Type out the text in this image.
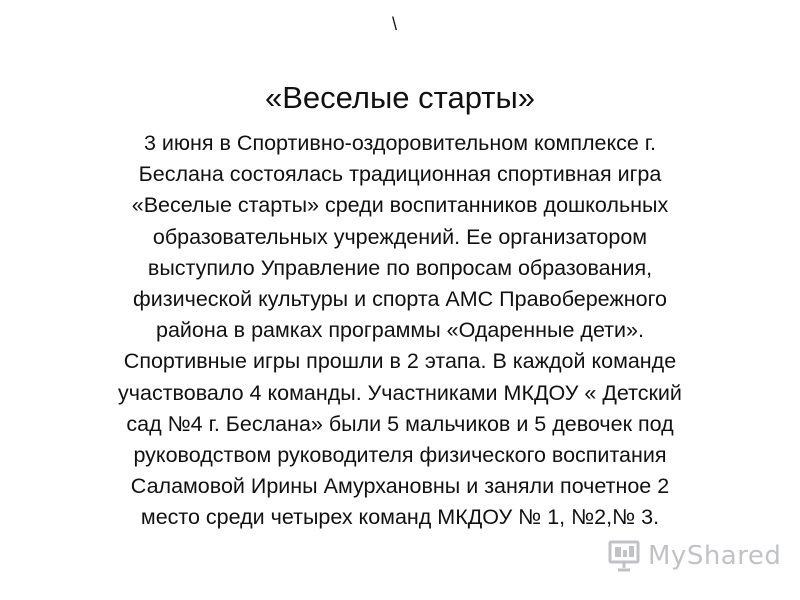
\
«Веселые старты»
3 июня в Спортивно-оздоровительном комплексе г.
Беслана состоялась традиционная спортивная игра
«Веселые старты» среди воспитанников дошкольных
образовательных учреждений. Ее организатором
выступило Управление по вопросам образования,
физической культуры и спорта АМС Правобережного
района в рамках программы «Одаренные дети».
Спортивные игры прошли в 2 этапа. В каждой команде
участвовало 4 команды. Участниками МКДОУ « Детский
сад №4 г. Беслана» были 5 мальчиков и 5 девочек под
руководством руководителя физического воспитания
Саламовой Ирины Амурхановны и заняли почетное 2
место среди четырех команд МКДОУ № 1, №2,№ 3.
MyShared
